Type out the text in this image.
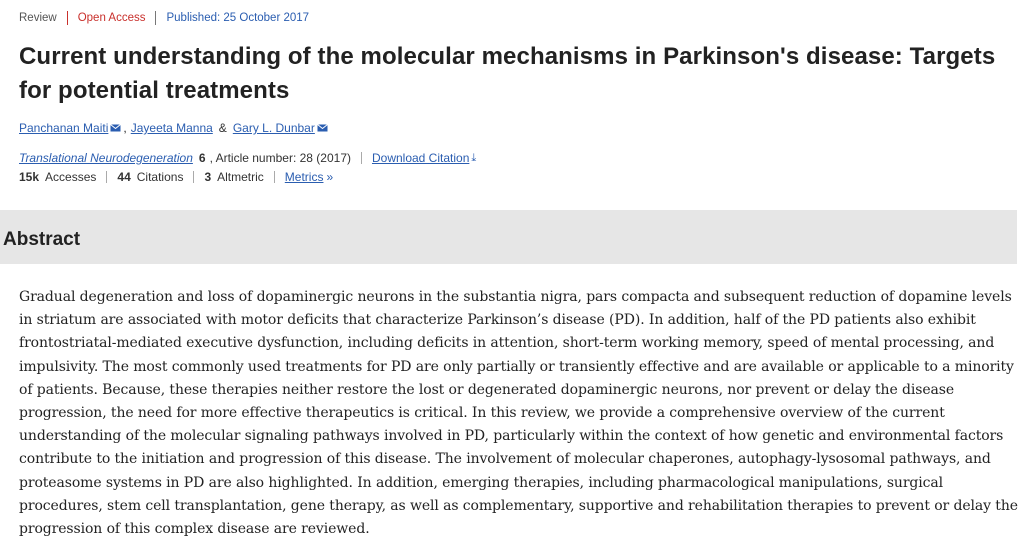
Review Open Access Published: 25 October 2017
Current understanding of the molecular mechanisms in Parkinson's disease: Targets for potential treatments
Panchanan Maiti , Jayeeta Manna & Gary L. Dunbar
Translational Neurodegeneration 6 , Article number: 28 (2017) Download Citation ⤓
15k Accesses 44 Citations 3 Altmetric Metrics »
Abstract

Gradual degeneration and loss of dopaminergic neurons in the substantia nigra, pars compacta and subsequent reduction of dopamine levels in striatum are associated with motor deficits that characterize Parkinson’s disease (PD). In addition, half of the PD patients also exhibit frontostriatal-mediated executive dysfunction, including deficits in attention, short-term working memory, speed of mental processing, and impulsivity. The most commonly used treatments for PD are only partially or transiently effective and are available or applicable to a minority of patients. Because, these therapies neither restore the lost or degenerated dopaminergic neurons, nor prevent or delay the disease progression, the need for more effective therapeutics is critical. In this review, we provide a comprehensive overview of the current understanding of the molecular signaling pathways involved in PD, particularly within the context of how genetic and environmental factors contribute to the initiation and progression of this disease. The involvement of molecular chaperones, autophagy-lysosomal pathways, and proteasome systems in PD are also highlighted. In addition, emerging therapies, including pharmacological manipulations, surgical procedures, stem cell transplantation, gene therapy, as well as complementary, supportive and rehabilitation therapies to prevent or delay the progression of this complex disease are reviewed.
